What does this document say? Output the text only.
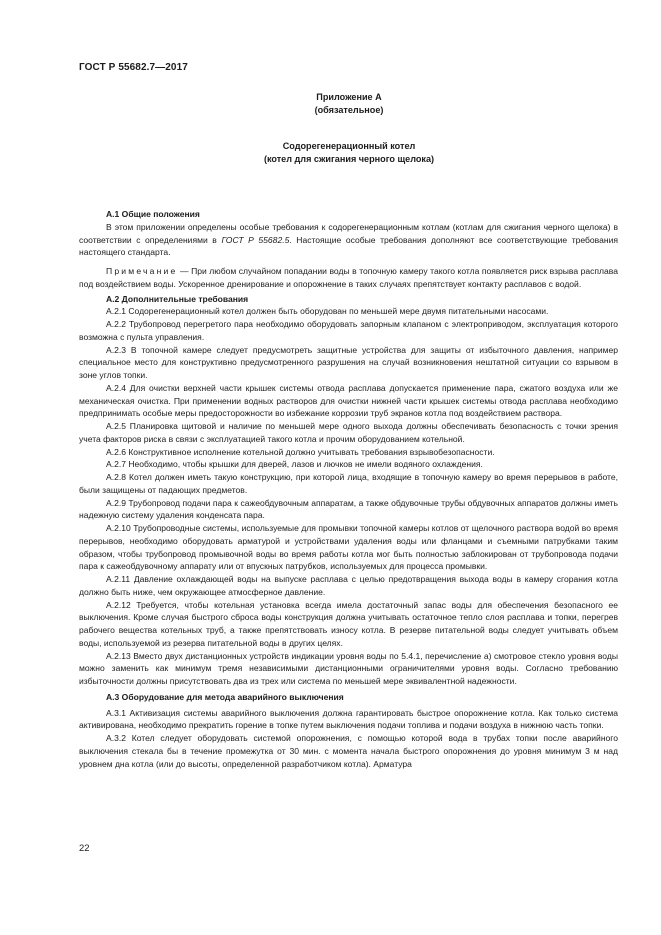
ГОСТ Р 55682.7—2017
Приложение А
(обязательное)
Содорегенерационный котел
(котел для сжигания черного щелока)
А.1 Общие положения

В этом приложении определены особые требования к содорегенерационным котлам (котлам для сжигания черного щелока) в соответствии с определениями в ГОСТ Р 55682.5. Настоящие особые требования дополняют все соответствующие требования настоящего стандарта.

Примечание — При любом случайном попадании воды в топочную камеру такого котла появляется риск взрыва расплава под воздействием воды. Ускоренное дренирование и опорожнение в таких случаях препятствует контакту расплавов с водой.

А.2 Дополнительные требования

А.2.1 Содорегенерационный котел должен быть оборудован по меньшей мере двумя питательными насосами.

А.2.2 Трубопровод перегретого пара необходимо оборудовать запорным клапаном с электроприводом, эксплуатация которого возможна с пульта управления.

А.2.3 В топочной камере следует предусмотреть защитные устройства для защиты от избыточного давления, например специальное место для конструктивно предусмотренного разрушения на случай возникновения нештатной ситуации со взрывом в зоне углов топки.

А.2.4 Для очистки верхней части крышек системы отвода расплава допускается применение пара, сжатого воздуха или же механическая очистка. При применении водных растворов для очистки нижней части крышек системы отвода расплава необходимо предпринимать особые меры предосторожности во избежание коррозии труб экранов котла под воздействием раствора.

А.2.5 Планировка щитовой и наличие по меньшей мере одного выхода должны обеспечивать безопасность с точки зрения учета факторов риска в связи с эксплуатацией такого котла и прочим оборудованием котельной.

А.2.6 Конструктивное исполнение котельной должно учитывать требования взрывобезопасности.

А.2.7 Необходимо, чтобы крышки для дверей, лазов и лючков не имели водяного охлаждения.

А.2.8 Котел должен иметь такую конструкцию, при которой лица, входящие в топочную камеру во время перерывов в работе, были защищены от падающих предметов.

А.2.9 Трубопровод подачи пара к сажеобдувочным аппаратам, а также обдувочные трубы обдувочных аппаратов должны иметь надежную систему удаления конденсата пара.

А.2.10 Трубопроводные системы, используемые для промывки топочной камеры котлов от щелочного раствора водой во время перерывов, необходимо оборудовать арматурой и устройствами удаления воды или фланцами и съемными патрубками таким образом, чтобы трубопровод промывочной воды во время работы котла мог быть полностью заблокирован от трубопровода подачи пара к сажеобдувочному аппарату или от впускных патрубков, используемых для процесса промывки.

А.2.11 Давление охлаждающей воды на выпуске расплава с целью предотвращения выхода воды в камеру сгорания котла должно быть ниже, чем окружающее атмосферное давление.

А.2.12 Требуется, чтобы котельная установка всегда имела достаточный запас воды для обеспечения безопасного ее выключения. Кроме случая быстрого сброса воды конструкция должна учитывать остаточное тепло слоя расплава и топки, перегрев рабочего вещества котельных труб, а также препятствовать износу котла. В резерве питательной воды следует учитывать объем воды, используемой из резерва питательной воды в других целях.

А.2.13 Вместо двух дистанционных устройств индикации уровня воды по 5.4.1, перечисление а) смотровое стекло уровня воды можно заменить как минимум тремя независимыми дистанционными ограничителями уровня воды. Согласно требованию избыточности должны присутствовать два из трех или система по меньшей мере эквивалентной надежности.

А.3 Оборудование для метода аварийного выключения

А.3.1 Активизация системы аварийного выключения должна гарантировать быстрое опорожнение котла. Как только система активирована, необходимо прекратить горение в топке путем выключения подачи топлива и подачи воздуха в нижнюю часть топки.

А.3.2 Котел следует оборудовать системой опорожнения, с помощью которой вода в трубах топки после аварийного выключения стекала бы в течение промежутка от 30 мин. с момента начала быстрого опорожнения до уровня минимум 3 м над уровнем дна котла (или до высоты, определенной разработчиком котла). Арматура

22
